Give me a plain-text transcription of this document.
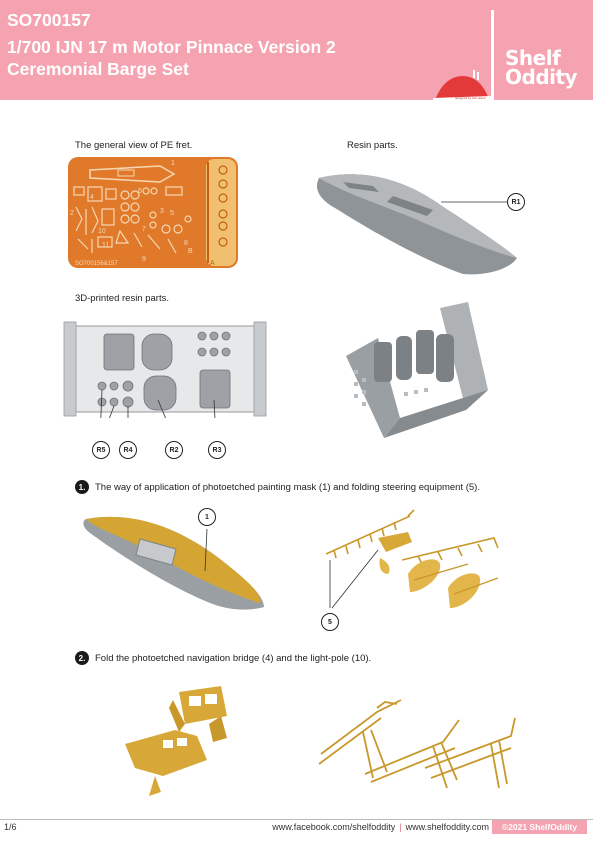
SO700157
1/700 IJN 17 m Motor Pinnace Version 2
Ceremonial Barge Set
designed by Ace Hsieh
Shelf
Oddity
The general view of PE fret.	Resin parts.
3D-printed resin parts.
1
2	3
4
5
6
7
8
9
10
11
A
B
SO700156&157
R1
R5	R4	R2	R3
1.	The way of application of photoetched painting mask (1) and folding steering equipment (5).
1
5
2.	Fold the photoetched navigation bridge (4) and the light-pole (10).
1/6	www.facebook.com/shelfoddity | www.shelfoddity.com	©2021 ShelfOddity
